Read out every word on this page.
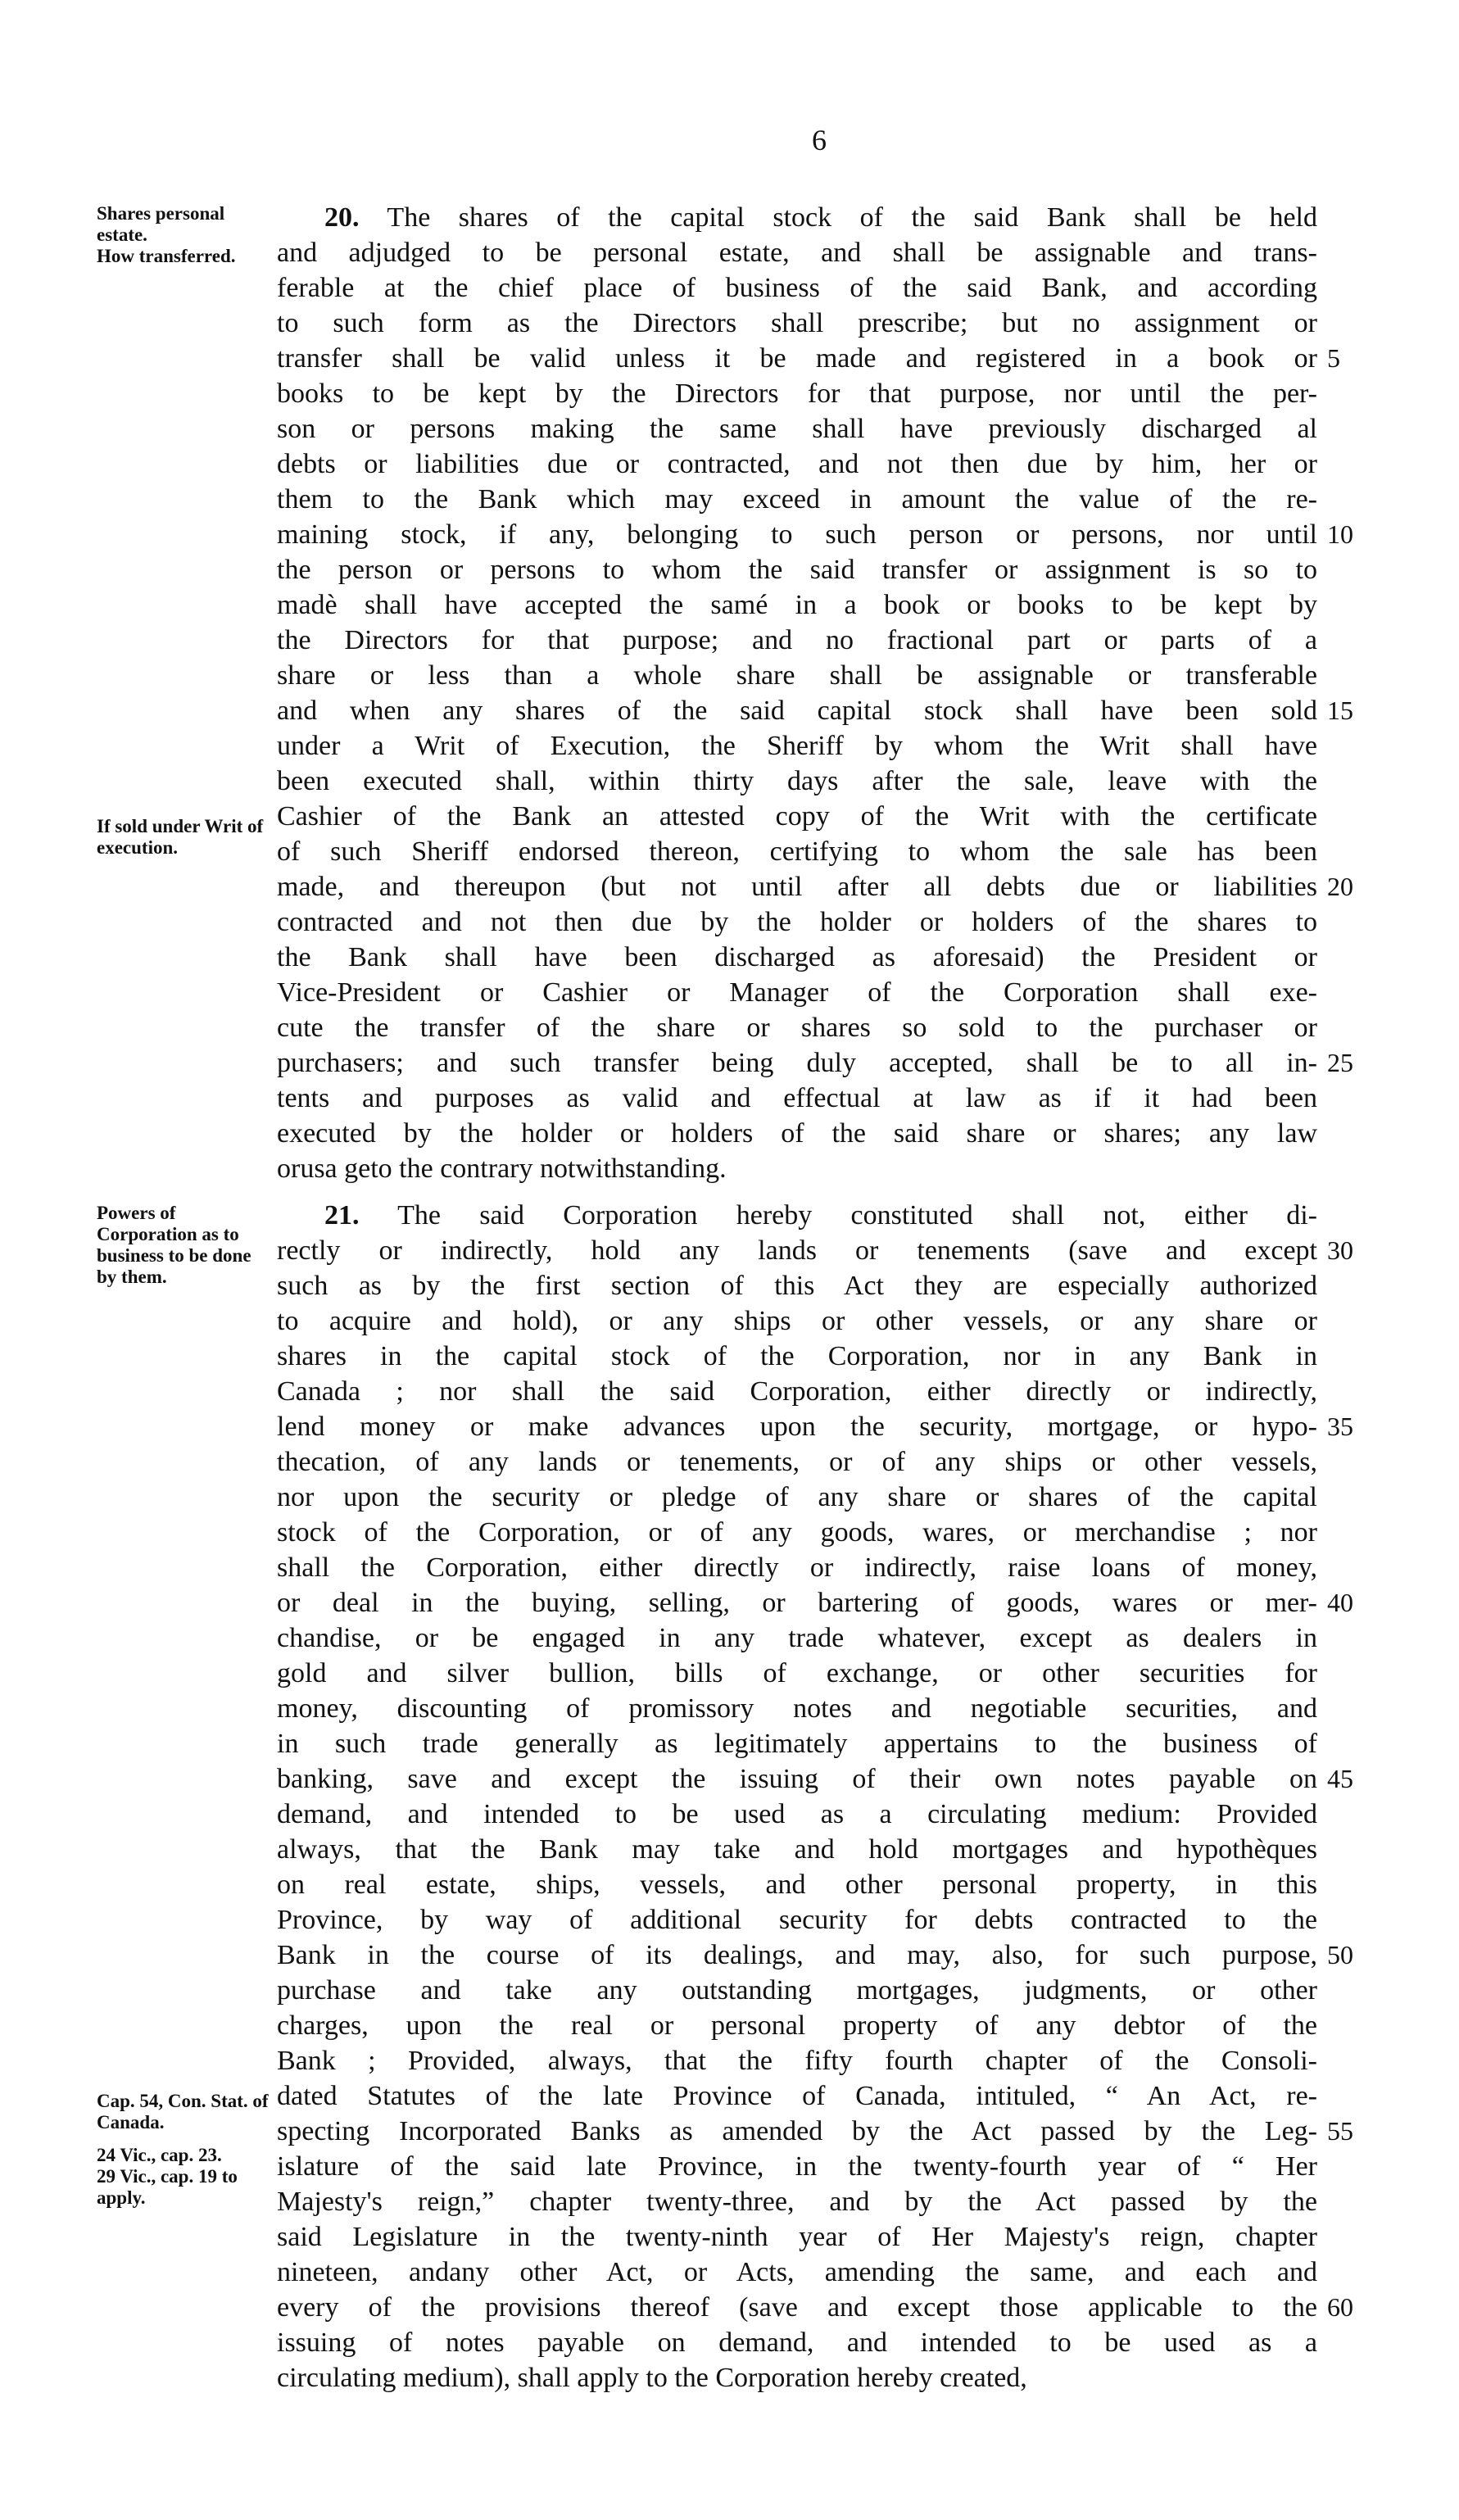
6
Shares personal estate.
How transferred.
If sold under Writ of execution.
20. The shares of the capital stock of the said Bank shall be held
and adjudged to be personal estate, and shall be assignable and trans-
ferable at the chief place of business of the said Bank, and according
to such form as the Directors shall prescribe; but no assignment or
transfer shall be valid unless it be made and registered in a book or
books to be kept by the Directors for that purpose, nor until the per-
son or persons making the same shall have previously discharged al
debts or liabilities due or contracted, and not then due by him, her or
them to the Bank which may exceed in amount the value of the re-
maining stock, if any, belonging to such person or persons, nor until
the person or persons to whom the said transfer or assignment is so to
madè shall have accepted the samé in a book or books to be kept by
the Directors for that purpose; and no fractional part or parts of a
share or less than a whole share shall be assignable or transferable
and when any shares of the said capital stock shall have been sold
under a Writ of Execution, the Sheriff by whom the Writ shall have
been executed shall, within thirty days after the sale, leave with the
Cashier of the Bank an attested copy of the Writ with the certificate
of such Sheriff endorsed thereon, certifying to whom the sale has been
made, and thereupon (but not until after all debts due or liabilities
contracted and not then due by the holder or holders of the shares to
the Bank shall have been discharged as aforesaid) the President or
Vice-President or Cashier or Manager of the Corporation shall exe-
cute the transfer of the share or shares so sold to the purchaser or
purchasers; and such transfer being duly accepted, shall be to all in-
tents and purposes as valid and effectual at law as if it had been
executed by the holder or holders of the said share or shares; any law
orusa geto the contrary notwithstanding.
5
10
15
20
25
Powers of Corporation as to business to be done by them.
Cap. 54, Con. Stat. of Canada.
24 Vic., cap. 23.
29 Vic., cap. 19 to apply.
21. The said Corporation hereby constituted shall not, either di-
rectly or indirectly, hold any lands or tenements (save and except
such as by the first section of this Act they are especially authorized
to acquire and hold), or any ships or other vessels, or any share or
shares in the capital stock of the Corporation, nor in any Bank in
Canada ; nor shall the said Corporation, either directly or indirectly,
lend money or make advances upon the security, mortgage, or hypo-
thecation, of any lands or tenements, or of any ships or other vessels,
nor upon the security or pledge of any share or shares of the capital
stock of the Corporation, or of any goods, wares, or merchandise ; nor
shall the Corporation, either directly or indirectly, raise loans of money,
or deal in the buying, selling, or bartering of goods, wares or mer-
chandise, or be engaged in any trade whatever, except as dealers in
gold and silver bullion, bills of exchange, or other securities for
money, discounting of promissory notes and negotiable securities, and
in such trade generally as legitimately appertains to the business of
banking, save and except the issuing of their own notes payable on
demand, and intended to be used as a circulating medium: Provided
always, that the Bank may take and hold mortgages and hypothèques
on real estate, ships, vessels, and other personal property, in this
Province, by way of additional security for debts contracted to the
Bank in the course of its dealings, and may, also, for such purpose,
purchase and take any outstanding mortgages, judgments, or other
charges, upon the real or personal property of any debtor of the
Bank ; Provided, always, that the fifty fourth chapter of the Consoli-
dated Statutes of the late Province of Canada, intituled, “ An Act, re-
specting Incorporated Banks as amended by the Act passed by the Leg-
islature of the said late Province, in the twenty-fourth year of “ Her
Majesty's reign,” chapter twenty-three, and by the Act passed by the
said Legislature in the twenty-ninth year of Her Majesty's reign, chapter
nineteen, andany other Act, or Acts, amending the same, and each and
every of the provisions thereof (save and except those applicable to the
issuing of notes payable on demand, and intended to be used as a
circulating medium), shall apply to the Corporation hereby created,
30
35
40
45
50
55
60
